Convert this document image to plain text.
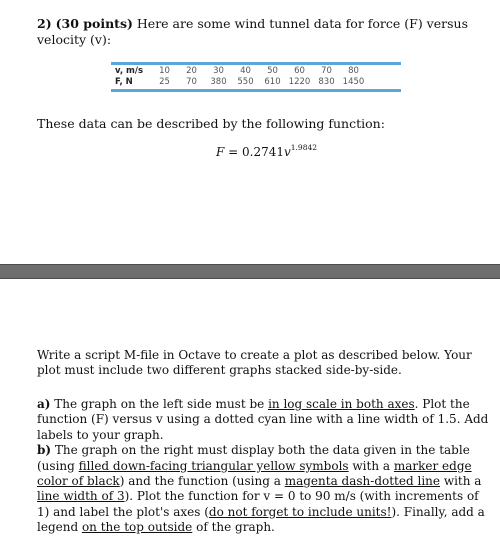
2) (30 points) Here are some wind tunnel data for force (F) versus velocity (v):
v, m/s	10	20	30	40	50	60	70	80
F, N	25	70	380	550	610	1220	830	1450
These data can be described by the following function:
$F = 0.2741v^{1.9842}$
Write a script M-file in Octave to create a plot as described below. Your plot must include two different graphs stacked side-by-side.
a) The graph on the left side must be in log scale in both axes. Plot the function (F) versus v using a dotted cyan line with a line width of 1.5. Add labels to your graph.
b) The graph on the right must display both the data given in the table (using filled down-facing triangular yellow symbols with a marker edge color of black) and the function (using a magenta dash-dotted line with a line width of 3). Plot the function for v = 0 to 90 m/s (with increments of 1) and label the plot's axes (do not forget to include units!). Finally, add a legend on the top outside of the graph.
